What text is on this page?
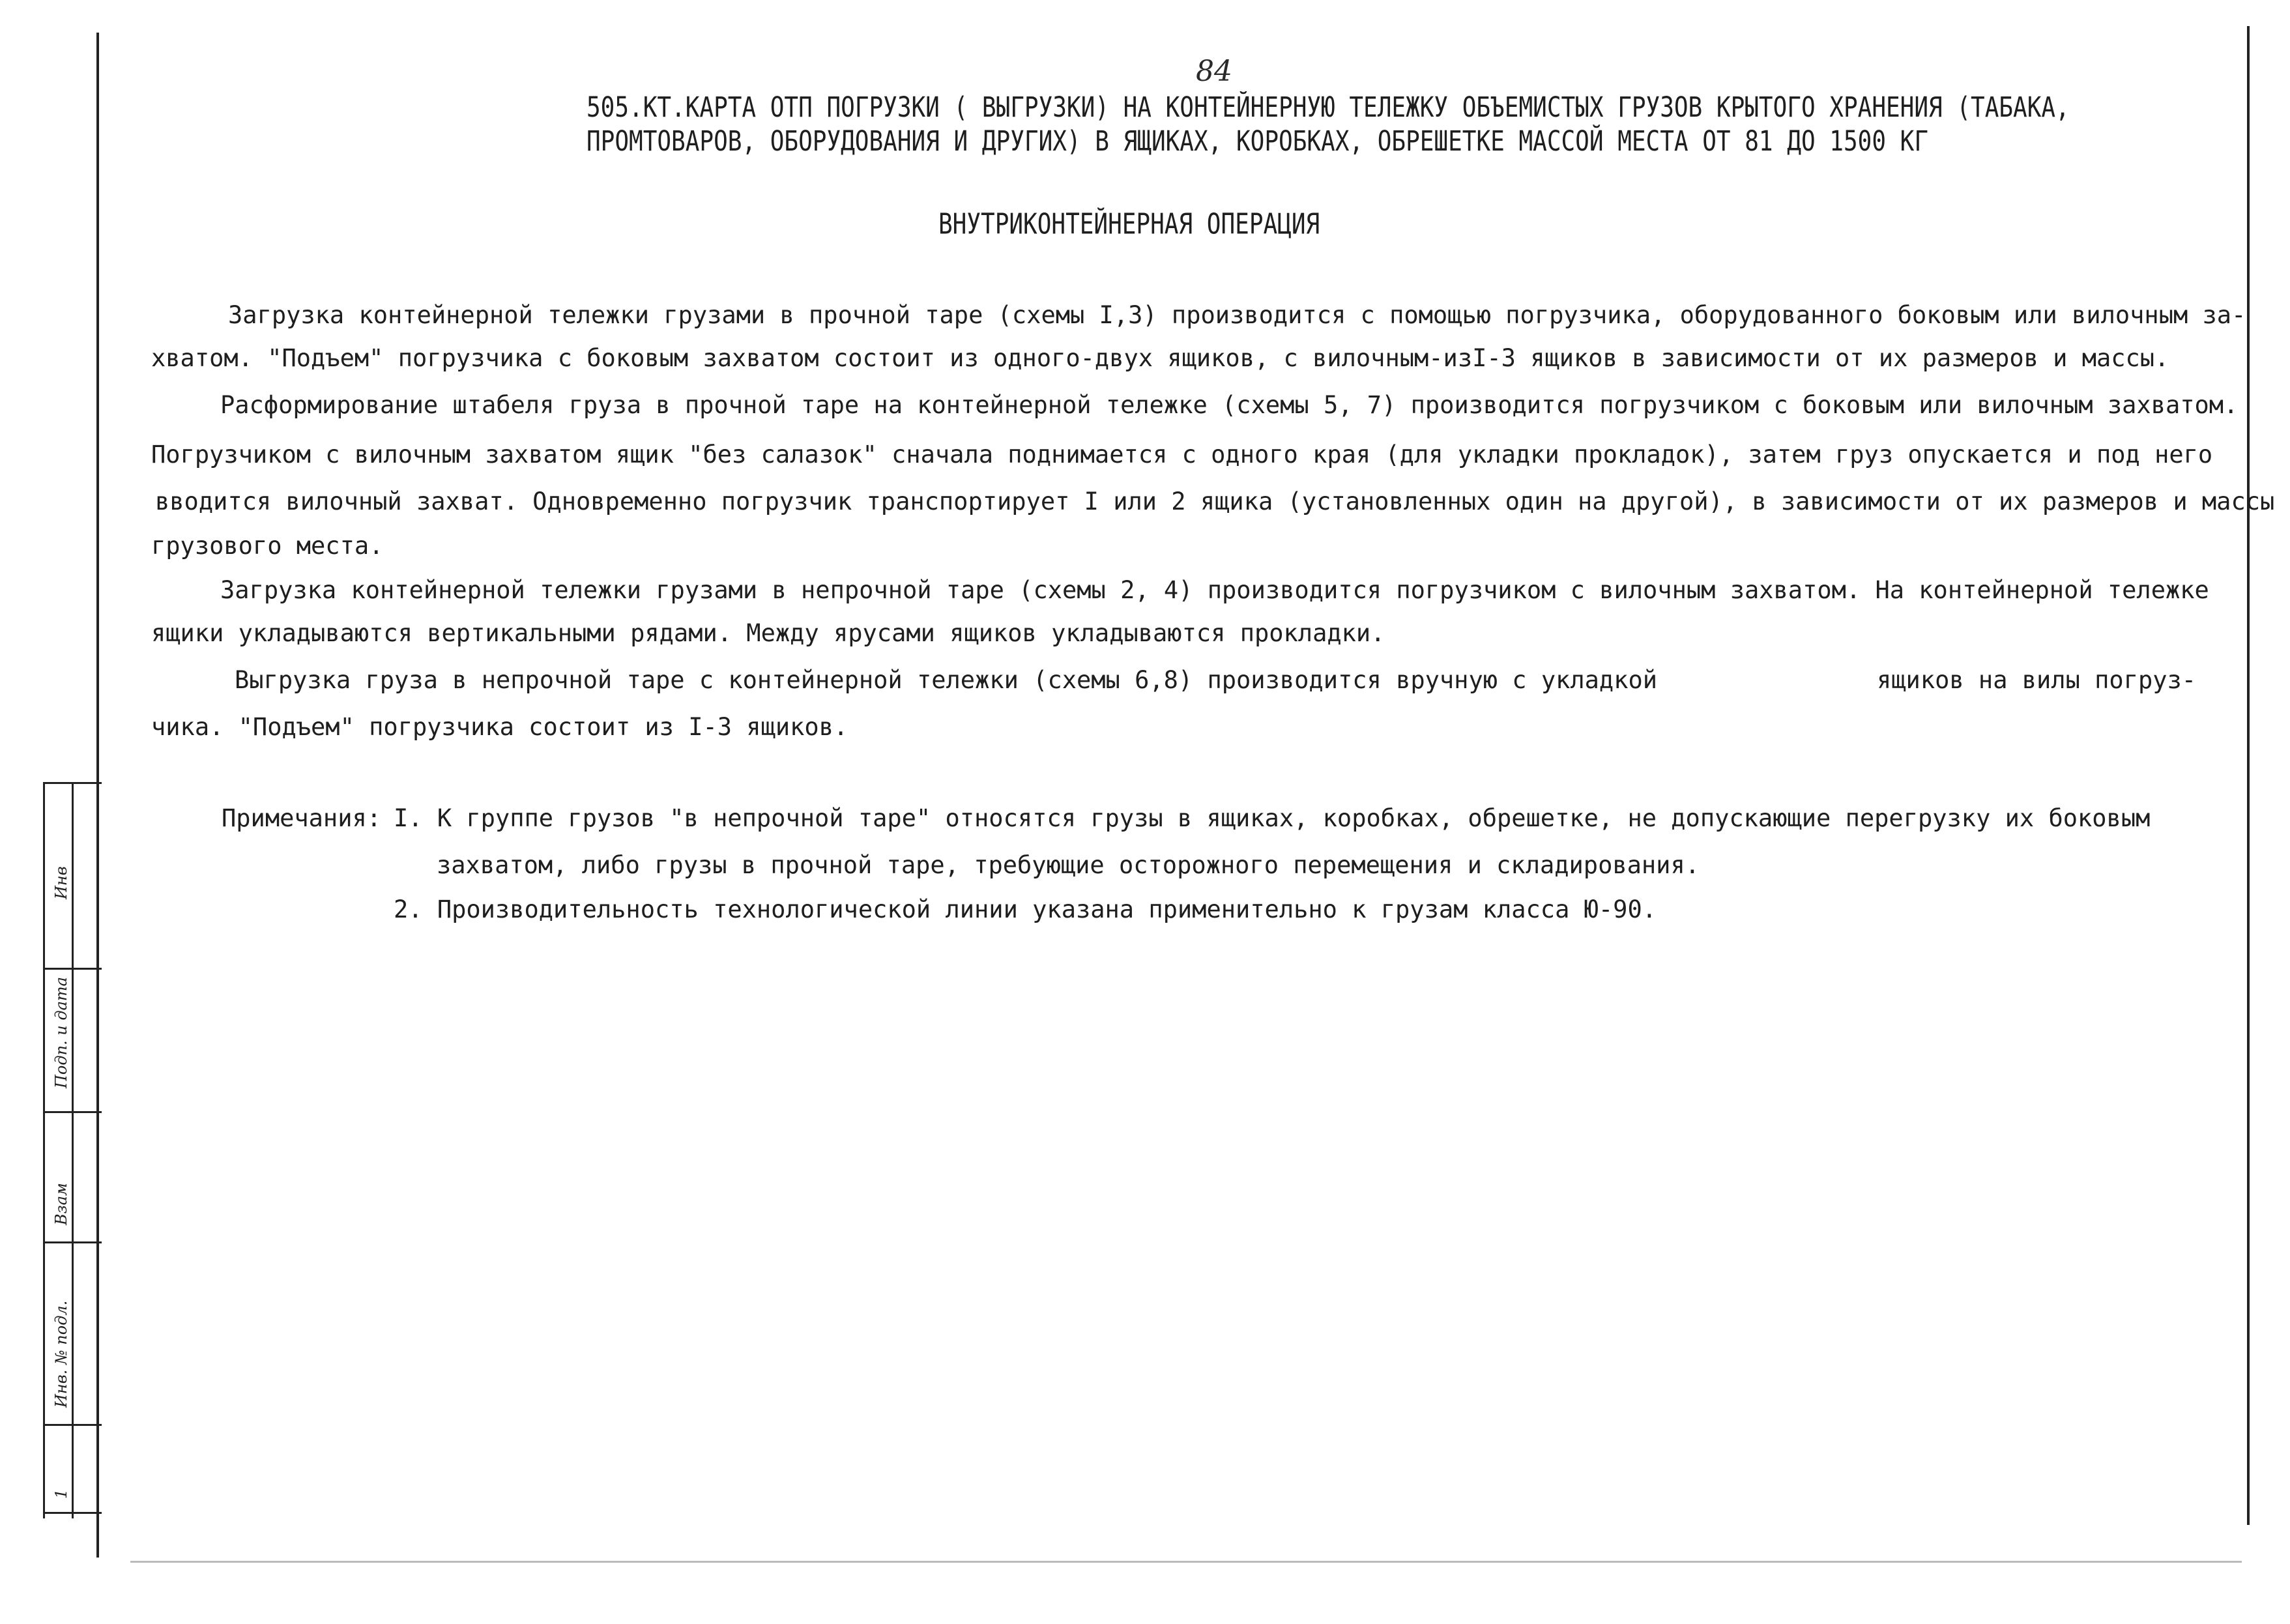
84
505.КТ.КАРТА ОТП ПОГРУЗКИ ( ВЫГРУЗКИ) НА КОНТЕЙНЕРНУЮ ТЕЛЕЖКУ ОБЪЕМИСТЫХ ГРУЗОВ КРЫТОГО ХРАНЕНИЯ (ТАБАКА,
ПРОМТОВАРОВ, ОБОРУДОВАНИЯ И ДРУГИХ) В ЯЩИКАХ, КОРОБКАХ, ОБРЕШЕТКЕ МАССОЙ МЕСТА ОТ 81 ДО 1500 КГ
ВНУТРИКОНТЕЙНЕРНАЯ ОПЕРАЦИЯ
Загрузка контейнерной тележки грузами в прочной таре (схемы I,3) производится с помощью погрузчика, оборудованного боковым или вилочным за-
хватом. "Подъем" погрузчика с боковым захватом состоит из одного-двух ящиков, с вилочным-изI-3 ящиков в зависимости от их размеров и массы.
Расформирование штабеля груза в прочной таре на контейнерной тележке (схемы 5, 7) производится погрузчиком с боковым или вилочным захватом.
Погрузчиком с вилочным захватом ящик "без салазок" сначала поднимается с одного края (для укладки прокладок), затем груз опускается и под него
вводится вилочный захват. Одновременно погрузчик транспортирует I или 2 ящика (установленных один на другой), в зависимости от их размеров и массы
грузового места.
Загрузка контейнерной тележки грузами в непрочной таре (схемы 2, 4) производится погрузчиком с вилочным захватом. На контейнерной тележке
ящики укладываются вертикальными рядами. Между ярусами ящиков укладываются прокладки.
Выгрузка груза в непрочной таре с контейнерной тележки (схемы 6,8) производится вручную с укладкой	ящиков на вилы погруз-
чика. "Подъем" погрузчика состоит из I-3 ящиков.
Примечания: I. К группе грузов "в непрочной таре" относятся грузы в ящиках, коробках, обрешетке, не допускающие перегрузку их боковым
захватом, либо грузы в прочной таре, требующие осторожного перемещения и складирования.
2. Производительность технологической линии указана применительно к грузам класса Ю-90.
Инв
Подп. и дата
Взам
Инв. № подл.
1
